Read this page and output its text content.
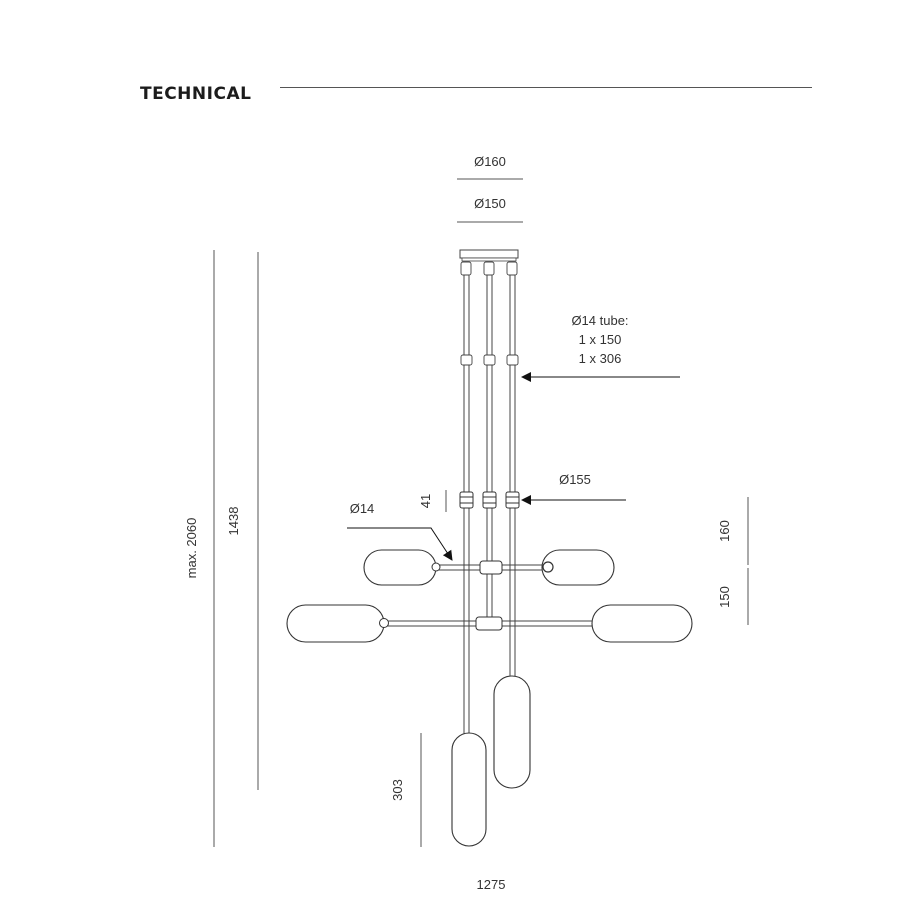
TECHNICAL
Ø160
Ø150
Ø14 tube:
1 x 150
1 x 306
Ø155
41
Ø14
max. 2060 1438	160
150
303
1275
